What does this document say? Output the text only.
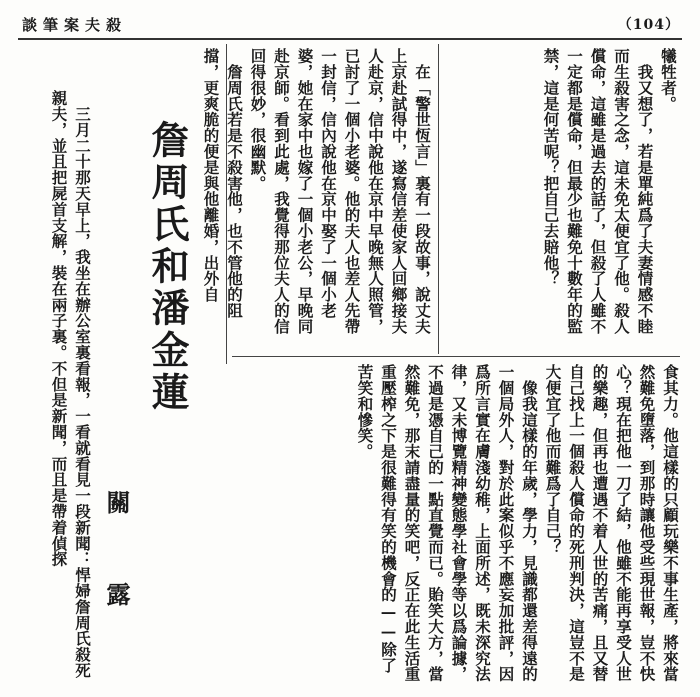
談筆案夫殺	（104）
犧牲者。
　我又想了，若是單純爲了夫妻情感不睦而生殺害之念，這未免太便宜了他。殺人償命，這雖是過去的話了，但殺了人雖不一定都是償命，但最少也難免十數年的監禁，這是何苦呢？把自己去賠他？
　在「警世恆言」裏有一段故事，說丈夫上京赴試得中，遂寫信差使家人回鄉接夫人赴京，信中說他在京中早晚無人照管，已討了一個小老婆。他的夫人也差人先帶一封信，信內說他在京中娶了一個小老婆，她在家中也嫁了一個小老公，早晚同赴京師。看到此處，我覺得那位夫人的信回得很妙，很幽默。
　詹周氏若是不殺害他，也不管他的阻擋，更爽脆的便是與他離婚，出外自
詹周氏和潘金蓮
關　露
　三月二十那天早上，我坐在辦公室裏看報，一看就看見一段新聞：悍婦詹周氏殺死親夫，並且把屍首支解，裝在兩子裏。不但是新聞，而且是帶着偵探	食其力。他這樣的只顧玩樂不事生產，將來當然難免墮落，到那時讓他受些現世報，豈不快心？現在把他一刀了結，他雖不能再享受人世的樂趣，但再也遭遇不着人世的苦痛，且又替自己找上一個殺人償命的死刑判決，這豈不是大便宜了他而難爲了自己？
　像我這樣的年歲，學力，見識都還差得遠的一個局外人，對於此案似乎不應妄加批評，因爲所言實在膚淺幼稚，上面所述，既未深究法律，又未博覽精神變態學社會學等以爲論據，不過是憑自己的一點直覺而已。貽笑大方，當然難免，那末請盡量的笑吧，反正在此生活重重壓榨之下是很難得有笑的機會的——除了苦笑和慘笑。
